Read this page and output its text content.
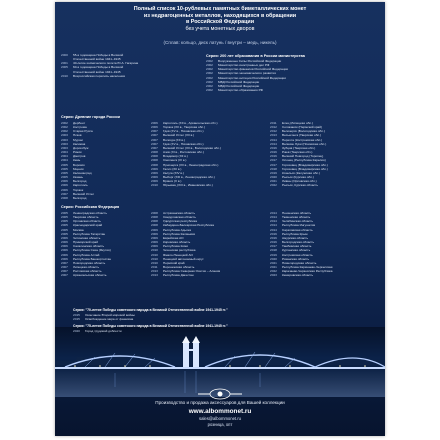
Полный список 10-рублевых памятных биметаллических монет
из недрагоценных металлов, находящихся в обращении
в Российской Федерации
без учета монетных дворов
(Сплав: кольцо, диск латунь / внутри – медь, никель)
2000 55-я годовщина Победы в Великой
Отечественной войне 1941–1945
2001 40-летие космического полета Ю.А. Гагарина
2005 60-я годовщина Победы в Великой
Отечественной войне 1941–1945
2010 Всероссийская перепись населения
Серия: 200 лет образования в России министерства
2002 Вооруженные Силы Российской Федерации
2002 Министерство иностранных дел РФ
2002 Министерство финансов Российской Федерации
2002 Министерство экономического развития
2002 Министерство юстиции Российской Федерации
2002 МВД Российской Федерации
2002 МВД Российской Федерации
2002 Министерство образования РФ
Серия: Древние города России
2002 Дербент
2002 Кострома
2002 Старая Русса
2003 Псков
2003 Муром
2003 Касимов
2003 Дорогобуж
2004 Ряжск
2004 Дмитров
2004 Кемь
2005 Боровск
2005 Мценск
2005 Калининград
2005 Казань
2006 Белгород
2006 Каргополь
2006 Торжок
2007 Великий Устюг
2008 Белгород
2006 Каргополь (XII в., Архангельская обл.)
2006 Торжок (XII в., Тверская обл.)
2007 Гдов (XV в., Псковская обл.)
2007 Великий Устюг (XII в.)
2007 Вологда (XII в.)
2007 Гдов (XV в., Псковская обл.)
2007 Великий Устюг (XII в., Вологодская обл.)
2008 Азов (XI в., Ростовская обл.)
2008 Владимир (XII в.)
2008 Смоленск (IX в.)
2008 Приозерск (XII в., Ленинградская обл.)
2009 Галич (XII в.)
2009 Калуга (XIV в.)
2009 Выборг (XIII в., Ленинградская обл.)
2009 Брянск (X в.)
2010 Юрьевец (XIII в., Ивановская обл.)
2011 Елец (Липецкая обл.)
2012 Соликамск (Пермский край)
2012 Белозерск (Вологодская обл.)
2013 Весьегонск (Тверская обл.)
2014 Нерехта (Костромская обл.)
2014 Великие Луки (Псковская обл.)
2016 Зубцов (Тверская обл.)
2016 Ржев (Тверская обл.)
2016 Великий Новгород (Торопец)
2017 Олонец (Республика Карелия)
2017 Гороховец (Владимирская обл.)
2018 Гороховец (Владимирская обл.)
2019 Козельск (Калужская обл.)
2020 Рыльск (Курская обл.)
2021 Ливны (Орловская обл.)
2022 Рыльск, Курская область
Серия: Российская Федерация
2005 Ленинградская область
2005 Тверская область
2005 Орловская область
2005 Краснодарский край
2005 Москва
2005 Республика Татарстан
2006 Читинская область
2006 Приморский край
2006 Сахалинская область
2006 Республика Саха (Якутия)
2006 Республика Алтай
2006 Республика Башкортостан
2007 Новгородская область
2007 Липецкая область
2007 Ростовская область
2007 Архангельская область
2008 Астраханская область
2008 Свердловская область
2008 Удмуртская республика
2008 Кабардино-Балкарская Республика
2009 Республика Адыгея
2009 Республика Калмыкия
2009 Еврейская АО
2009 Кировская область
2009 Республика Коми
2010 Чеченская республика
2010 Ямало-Ненецкий АО
2010 Ненецкий автономный округ
2010 Пермский край
2011 Воронежская область
2013 Республика Северная Осетия – Алания
2013 Республика Дагестан
2014 Пензенская область
2014 Тюменская область
2014 Челябинская область
2014 Республика Ингушетия
2014 Саратовская область
2016 Республика Крым
2016 Амурская область
2016 Белгородская область
2017 Тамбовская область
2018 Курганская область
2019 Костромская область
2020 Рязанская область
2021 Нижегородская область
2021 Республика Карачаево-Черкесская
2022 Карачаево-Черкесская Республика
2023 Кемеровская область
Серия: "70-летие Победы советского народа в Великой Отечественной войне 1941-1945 гг."
2015 Окончание Второй мировой войны
2015 Освобождение мира от фашизма
Серия: "75-летие Победы советского народа в Великой Отечественной войне 1941-1945 гг."
2020 Город трудовой доблести
Производство и продажа аксессуаров для Вашей коллекции
www.albommonet.ru
sales@albommonet.ru
розница, опт
